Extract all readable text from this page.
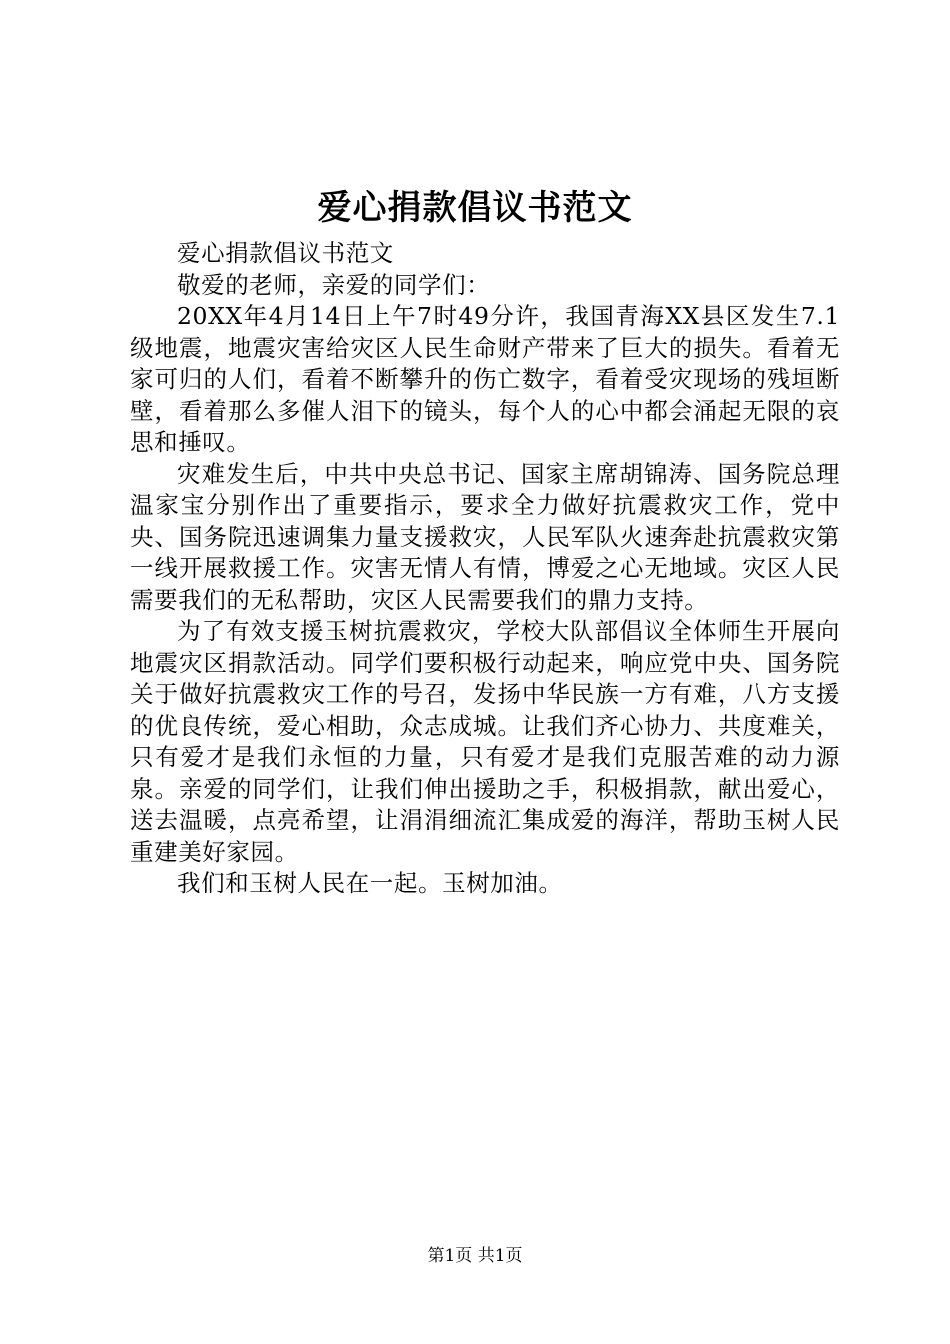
爱心捐款倡议书范文

爱心捐款倡议书范文

敬爱的老师，亲爱的同学们：

20XX年4月14日上午7时49分许，我国青海XX县区发生7.1级地震，地震灾害给灾区人民生命财产带来了巨大的损失。看着无家可归的人们，看着不断攀升的伤亡数字，看着受灾现场的残垣断壁，看着那么多催人泪下的镜头，每个人的心中都会涌起无限的哀思和捶叹。

灾难发生后，中共中央总书记、国家主席胡锦涛、国务院总理温家宝分别作出了重要指示，要求全力做好抗震救灾工作，党中央、国务院迅速调集力量支援救灾，人民军队火速奔赴抗震救灾第一线开展救援工作。灾害无情人有情，博爱之心无地域。灾区人民需要我们的无私帮助，灾区人民需要我们的鼎力支持。

为了有效支援玉树抗震救灾，学校大队部倡议全体师生开展向地震灾区捐款活动。同学们要积极行动起来，响应党中央、国务院关于做好抗震救灾工作的号召，发扬中华民族一方有难，八方支援的优良传统，爱心相助，众志成城。让我们齐心协力、共度难关，只有爱才是我们永恒的力量，只有爱才是我们克服苦难的动力源泉。亲爱的同学们，让我们伸出援助之手，积极捐款，献出爱心，送去温暖，点亮希望，让涓涓细流汇集成爱的海洋，帮助玉树人民重建美好家园。

我们和玉树人民在一起。玉树加油。

第1页 共1页
